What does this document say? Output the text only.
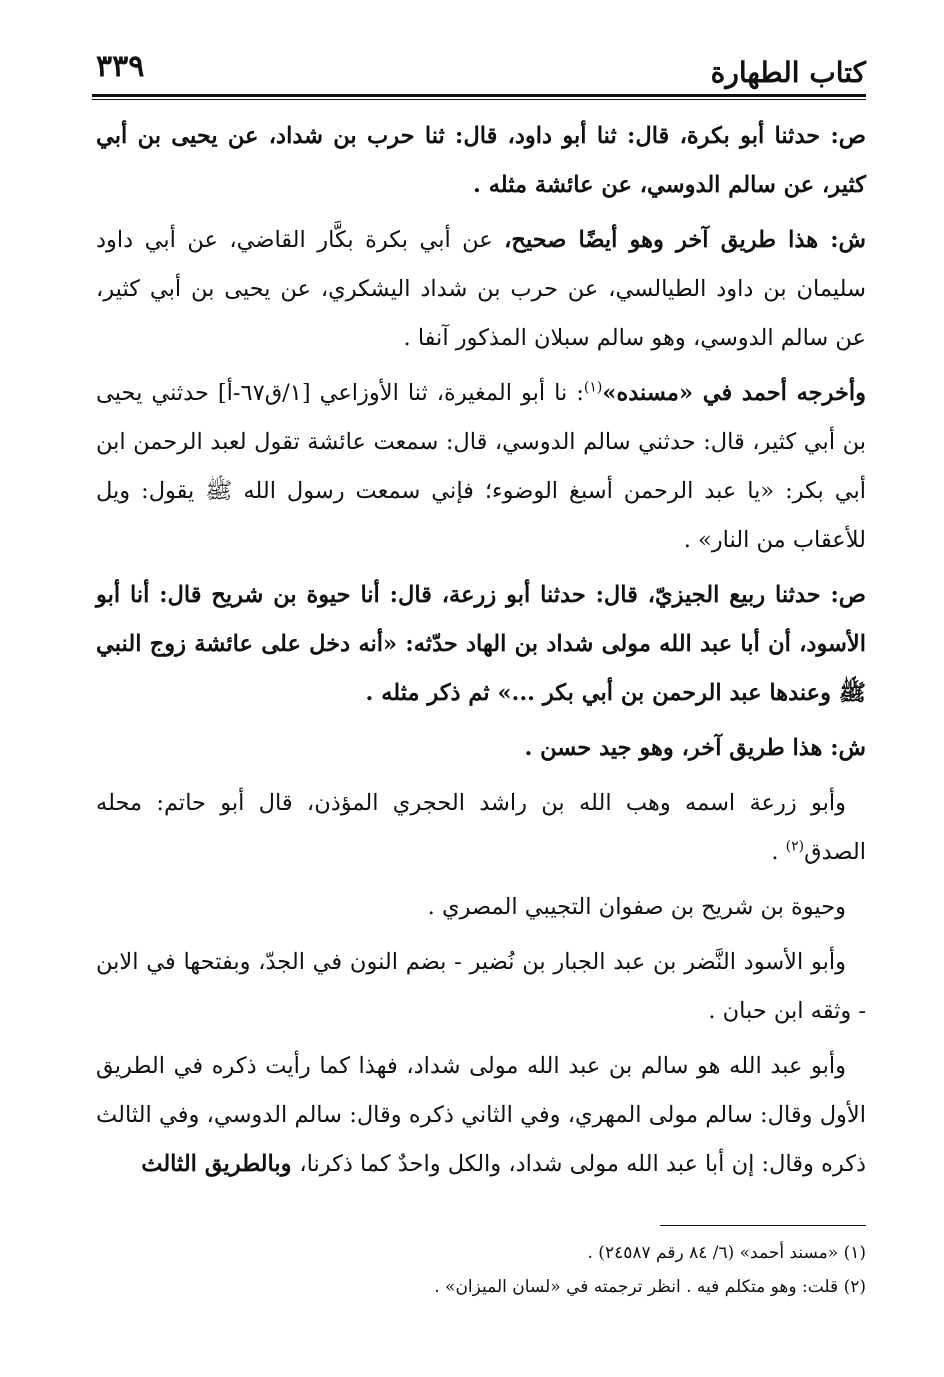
كتاب الطهارة
٣٣٩

ص: حدثنا أبو بكرة، قال: ثنا أبو داود، قال: ثنا حرب بن شداد، عن يحيى بن أبي كثير، عن سالم الدوسي، عن عائشة مثله .

ش: هذا طريق آخر وهو أيضًا صحيح، عن أبي بكرة بكَّار القاضي، عن أبي داود سليمان بن داود الطيالسي، عن حرب بن شداد اليشكري، عن يحيى بن أبي كثير، عن سالم الدوسي، وهو سالم سبلان المذكور آنفا .

وأخرجه أحمد في «مسنده»$^{(١)}$: نا أبو المغيرة، ثنا الأوزاعي [١/ق٦٧-أ] حدثني يحيى بن أبي كثير، قال: حدثني سالم الدوسي، قال: سمعت عائشة تقول لعبد الرحمن ابن أبي بكر: «يا عبد الرحمن أسبغ الوضوء؛ فإني سمعت رسول الله ﷺ يقول: ويل للأعقاب من النار» .

ص: حدثنا ربيع الجيزيّ، قال: حدثنا أبو زرعة، قال: أنا حيوة بن شريح قال: أنا أبو الأسود، أن أبا عبد الله مولى شداد بن الهاد حدّثه: «أنه دخل على عائشة زوج النبي ﷺ وعندها عبد الرحمن بن أبي بكر ...» ثم ذكر مثله .

ش: هذا طريق آخر، وهو جيد حسن .

وأبو زرعة اسمه وهب الله بن راشد الحجري المؤذن، قال أبو حاتم: محله الصدق$^{(٢)}$ .

وحيوة بن شريح بن صفوان التجيبي المصري .

وأبو الأسود النَّضر بن عبد الجبار بن نُضير - بضم النون في الجدّ، وبفتحها في الابن - وثقه ابن حبان .

وأبو عبد الله هو سالم بن عبد الله مولى شداد، فهذا كما رأيت ذكره في الطريق الأول وقال: سالم مولى المهري، وفي الثاني ذكره وقال: سالم الدوسي، وفي الثالث ذكره وقال: إن أبا عبد الله مولى شداد، والكل واحدٌ كما ذكرنا، وبالطريق الثالث

(١) «مسند أحمد» (٦/ ٨٤ رقم ٢٤٥٨٧) .

(٢) قلت: وهو متكلم فيه . انظر ترجمته في «لسان الميزان» .
